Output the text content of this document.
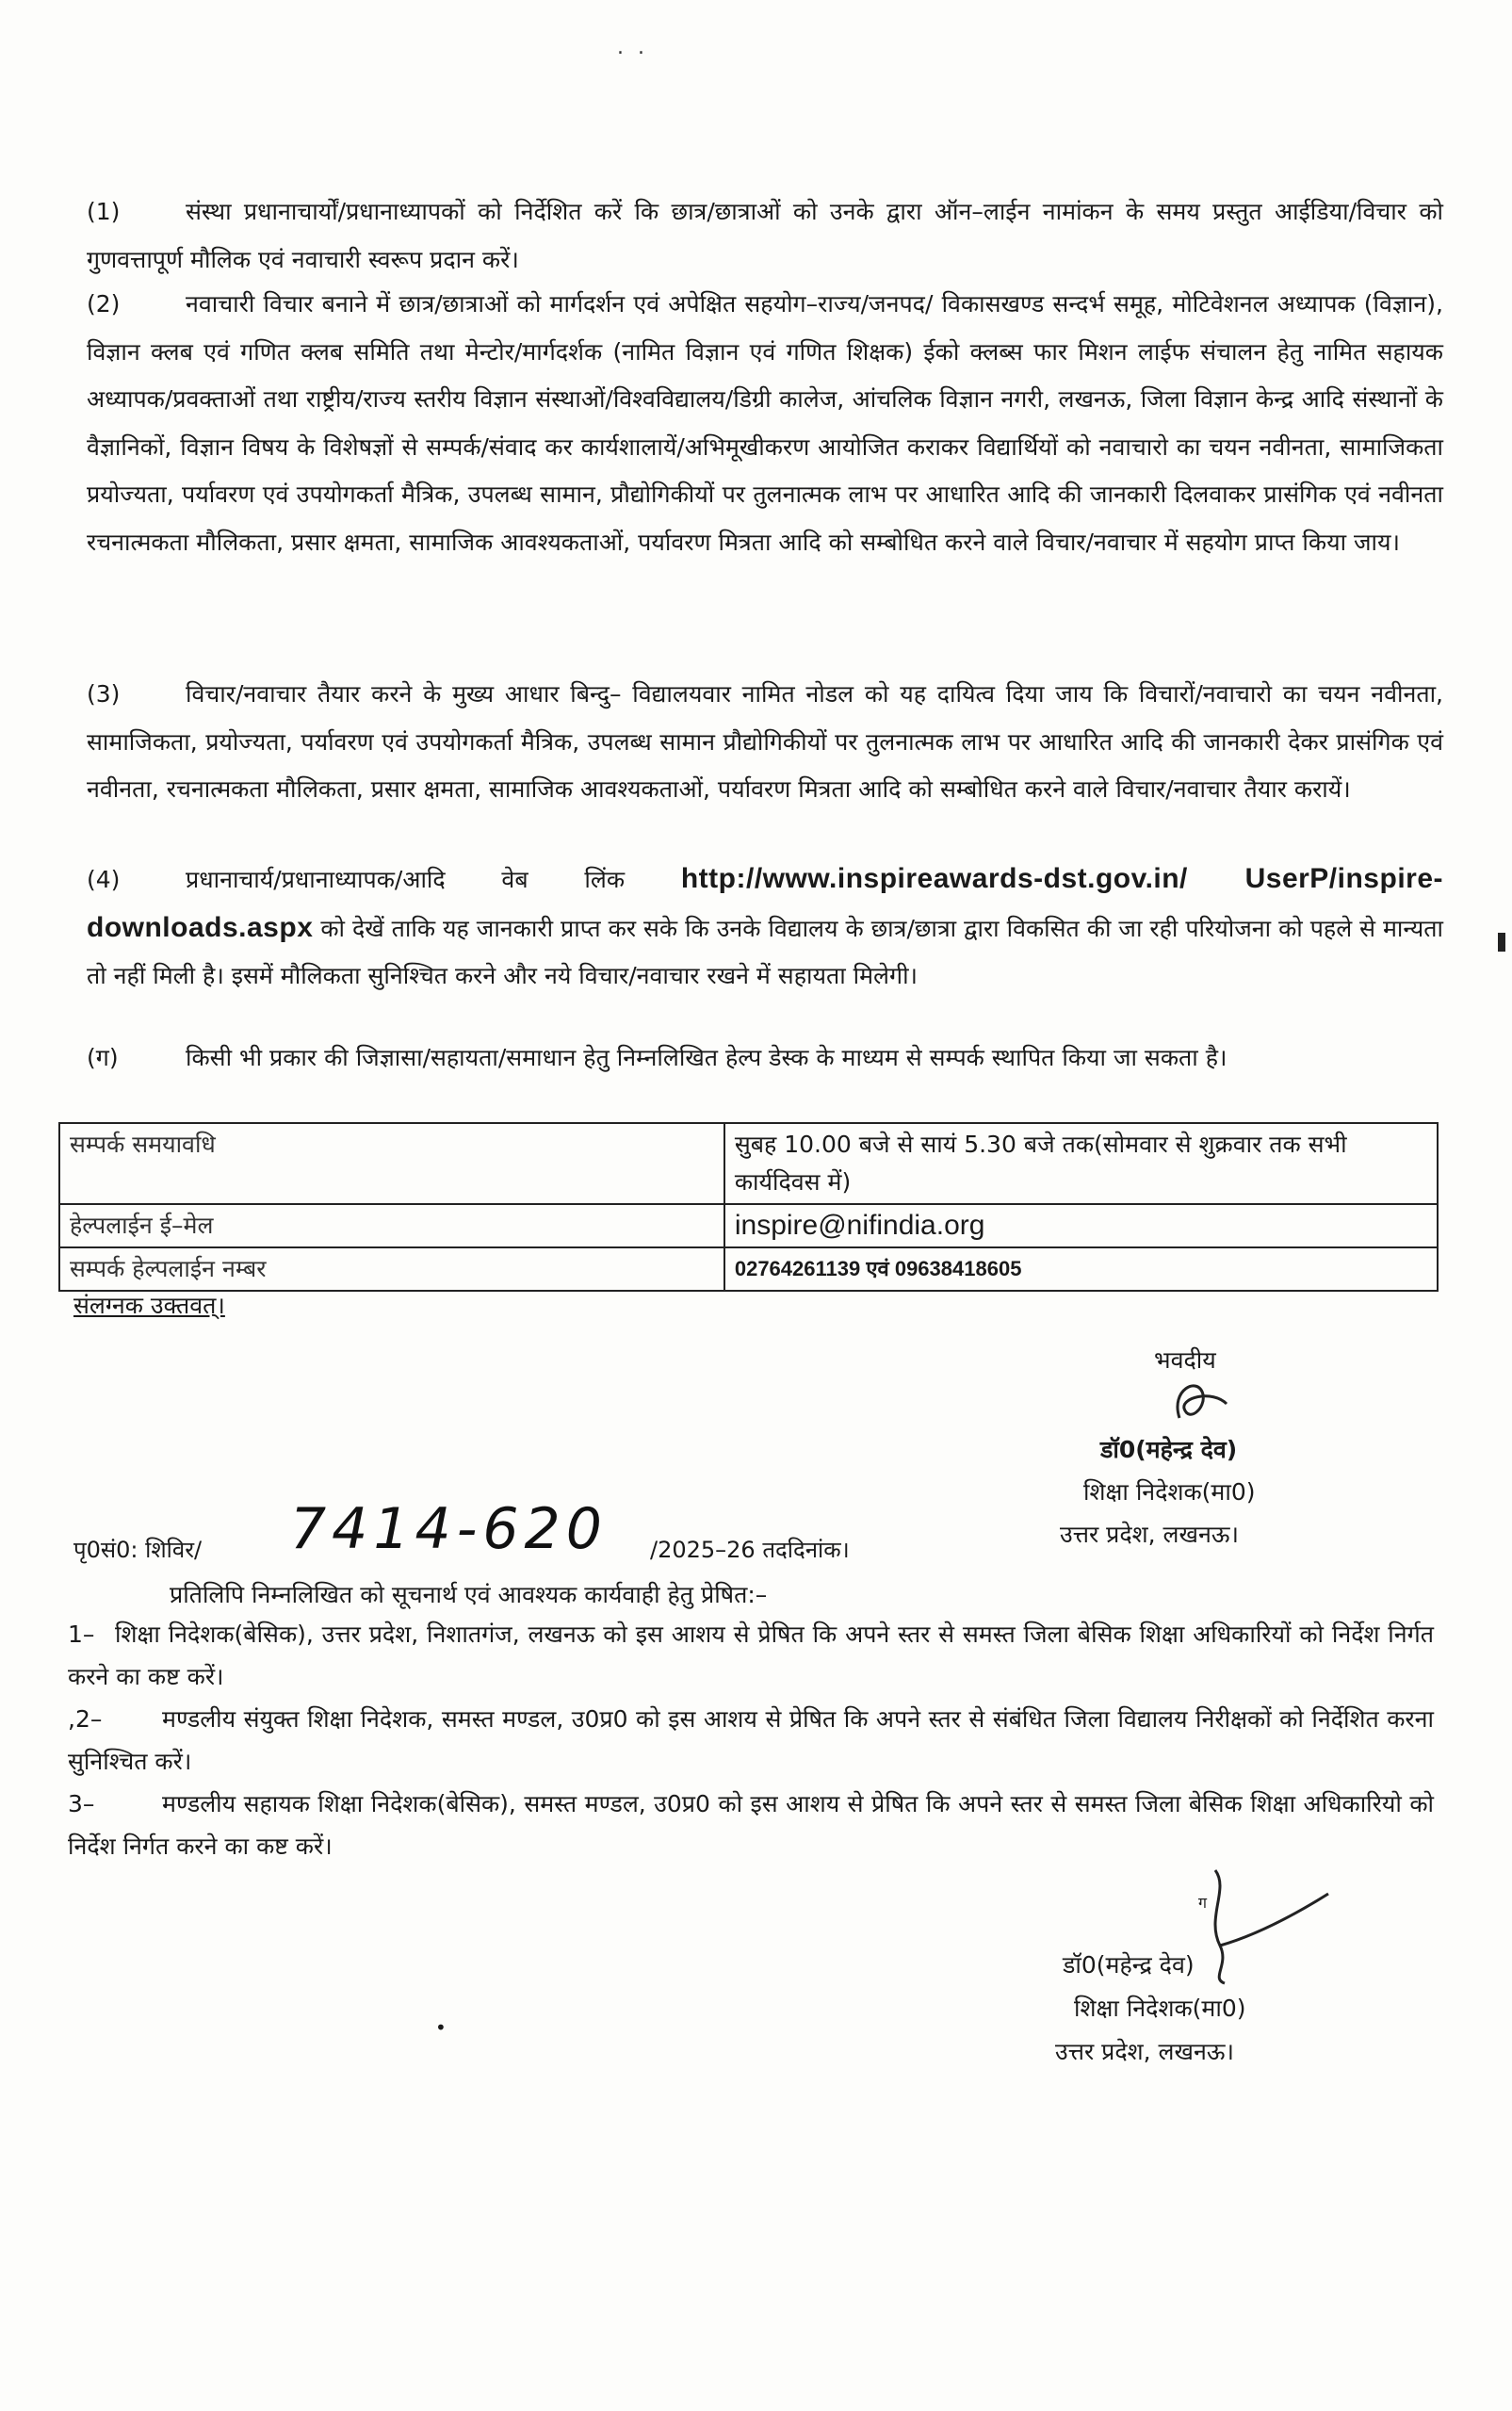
. .

(1)	संस्था प्रधानाचार्यों/प्रधानाध्यापकों को निर्देशित करें कि छात्र/छात्राओं को उनके द्वारा ऑन–लाईन नामांकन के समय प्रस्तुत आईडिया/विचार को गुणवत्तापूर्ण मौलिक एवं नवाचारी स्वरूप प्रदान करें।

(2)	नवाचारी विचार बनाने में छात्र/छात्राओं को मार्गदर्शन एवं अपेक्षित सहयोग–राज्य/जनपद/ विकासखण्ड सन्दर्भ समूह, मोटिवेशनल अध्यापक (विज्ञान), विज्ञान क्लब एवं गणित क्लब समिति तथा मेन्टोर/मार्गदर्शक (नामित विज्ञान एवं गणित शिक्षक) ईको क्लब्स फार मिशन लाईफ संचालन हेतु नामित सहायक अध्यापक/प्रवक्ताओं तथा राष्ट्रीय/राज्य स्तरीय विज्ञान संस्थाओं/विश्वविद्यालय/डिग्री कालेज, आंचलिक विज्ञान नगरी, लखनऊ, जिला विज्ञान केन्द्र आदि संस्थानों के वैज्ञानिकों, विज्ञान विषय के विशेषज्ञों से सम्पर्क/संवाद कर कार्यशालायें/अभिमूखीकरण आयोजित कराकर विद्यार्थियों को नवाचारो का चयन नवीनता, सामाजिकता प्रयोज्यता, पर्यावरण एवं उपयोगकर्ता मैत्रिक, उपलब्ध सामान, प्रौद्योगिकीयों पर तुलनात्मक लाभ पर आधारित आदि की जानकारी दिलवाकर प्रासंगिक एवं नवीनता रचनात्मकता मौलिकता, प्रसार क्षमता, सामाजिक आवश्यकताओं, पर्यावरण मित्रता आदि को सम्बोधित करने वाले विचार/नवाचार में सहयोग प्राप्त किया जाय।

(3)	विचार/नवाचार तैयार करने के मुख्य आधार बिन्दु– विद्यालयवार नामित नोडल को यह दायित्व दिया जाय कि विचारों/नवाचारो का चयन नवीनता, सामाजिकता, प्रयोज्यता, पर्यावरण एवं उपयोगकर्ता मैत्रिक, उपलब्ध सामान प्रौद्योगिकीयों पर तुलनात्मक लाभ पर आधारित आदि की जानकारी देकर प्रासंगिक एवं नवीनता, रचनात्मकता मौलिकता, प्रसार क्षमता, सामाजिक आवश्यकताओं, पर्यावरण मित्रता आदि को सम्बोधित करने वाले विचार/नवाचार तैयार करायें।

(4)	प्रधानाचार्य/प्रधानाध्यापक/आदि वेब लिंक http://www.inspireawards-dst.gov.in/ UserP/inspire-downloads.aspx को देखें ताकि यह जानकारी प्राप्त कर सके कि उनके विद्यालय के छात्र/छात्रा द्वारा विकसित की जा रही परियोजना को पहले से मान्यता तो नहीं मिली है। इसमें मौलिकता सुनिश्चित करने और नये विचार/नवाचार रखने में सहायता मिलेगी।

(ग)	किसी भी प्रकार की जिज्ञासा/सहायता/समाधान हेतु निम्नलिखित हेल्प डेस्क के माध्यम से सम्पर्क स्थापित किया जा सकता है।

सम्पर्क समयावधि	सुबह 10.00 बजे से सायं 5.30 बजे तक(सोमवार से शुक्रवार तक सभी कार्यदिवस में)
हेल्पलाईन ई–मेल	inspire@nifindia.org
सम्पर्क हेल्पलाईन नम्बर	02764261139 एवं 09638418605
संलग्नक उक्तवत्।
भवदीय
डॉ0(महेन्द्र देव)
शिक्षा निदेशक(मा0)
उत्तर प्रदेश, लखनऊ।
पृ0सं0: शिविर/ 7414-620 /2025–26 तददिनांक।
प्रतिलिपि निम्नलिखित को सूचनार्थ एवं आवश्यक कार्यवाही हेतु प्रेषित:–
1– शिक्षा निदेशक(बेसिक), उत्तर प्रदेश, निशातगंज, लखनऊ को इस आशय से प्रेषित कि अपने स्तर से समस्त जिला बेसिक शिक्षा अधिकारियों को निर्देश निर्गत करने का कष्ट करें।
,2–	मण्डलीय संयुक्त शिक्षा निदेशक, समस्त मण्डल, उ0प्र0 को इस आशय से प्रेषित कि अपने स्तर से संबंधित जिला विद्यालय निरीक्षकों को निर्देशित करना सुनिश्चित करें।
3–	मण्डलीय सहायक शिक्षा निदेशक(बेसिक), समस्त मण्डल, उ0प्र0 को इस आशय से प्रेषित कि अपने स्तर से समस्त जिला बेसिक शिक्षा अधिकारियो को निर्देश निर्गत करने का कष्ट करें।
ग
डॉ0(महेन्द्र देव)
शिक्षा निदेशक(मा0)
उत्तर प्रदेश, लखनऊ।
•
